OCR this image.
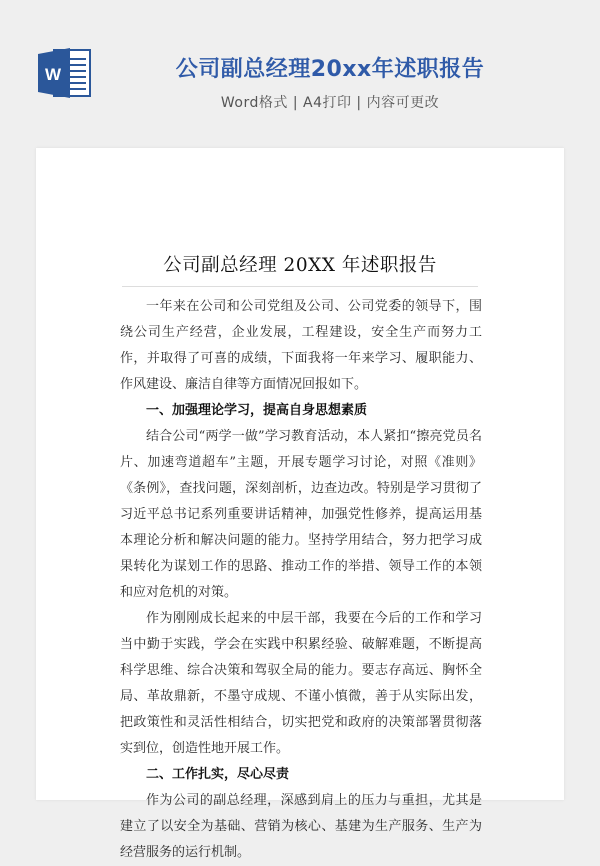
W	公司副总经理20xx年述职报告
Word格式 | A4打印 | 内容可更改
公司副总经理 20XX 年述职报告

一年来在公司和公司党组及公司、公司党委的领导下，围绕公司生产经营，企业发展，工程建设，安全生产而努力工作，并取得了可喜的成绩，下面我将一年来学习、履职能力、作风建设、廉洁自律等方面情况回报如下。

一、加强理论学习，提高自身思想素质

结合公司“两学一做”学习教育活动，本人紧扣“擦亮党员名片、加速弯道超车”主题，开展专题学习讨论，对照《准则》《条例》，查找问题，深刻剖析，边查边改。特别是学习贯彻了习近平总书记系列重要讲话精神，加强党性修养，提高运用基本理论分析和解决问题的能力。坚持学用结合，努力把学习成果转化为谋划工作的思路、推动工作的举措、领导工作的本领和应对危机的对策。

作为刚刚成长起来的中层干部，我要在今后的工作和学习当中勤于实践，学会在实践中积累经验、破解难题，不断提高科学思维、综合决策和驾驭全局的能力。要志存高远、胸怀全局、革故鼎新，不墨守成规、不谨小慎微，善于从实际出发，把政策性和灵活性相结合，切实把党和政府的决策部署贯彻落实到位，创造性地开展工作。

二、工作扎实，尽心尽责

作为公司的副总经理，深感到肩上的压力与重担，尤其是建立了以安全为基础、营销为核心、基建为生产服务、生产为经营服务的运行机制。
